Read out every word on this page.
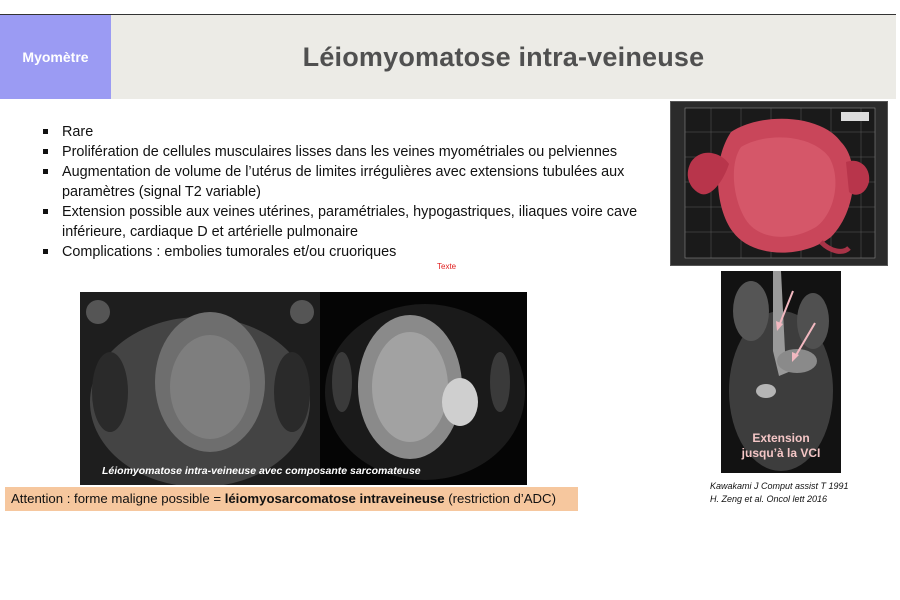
Myomètre	Léiomyomatose intra-veineuse
Rare
Prolifération de cellules musculaires lisses dans les veines myométriales ou pelviennes
Augmentation de volume de l’utérus de limites irrégulières avec extensions tubulées aux paramètres (signal T2 variable)
Extension possible aux veines utérines, paramétriales, hypogastriques, iliaques voire cave inférieure, cardiaque D et artérielle pulmonaire
Complications : embolies tumorales et/ou cruoriques
Texte
Extension
jusqu’à la VCI
Léiomyomatose intra-veineuse avec composante sarcomateuse
Attention : forme maligne possible = léiomyosarcomatose intraveineuse (restriction d’ADC)
Kawakami J Comput assist T 1991
H. Zeng et al. Oncol lett 2016
